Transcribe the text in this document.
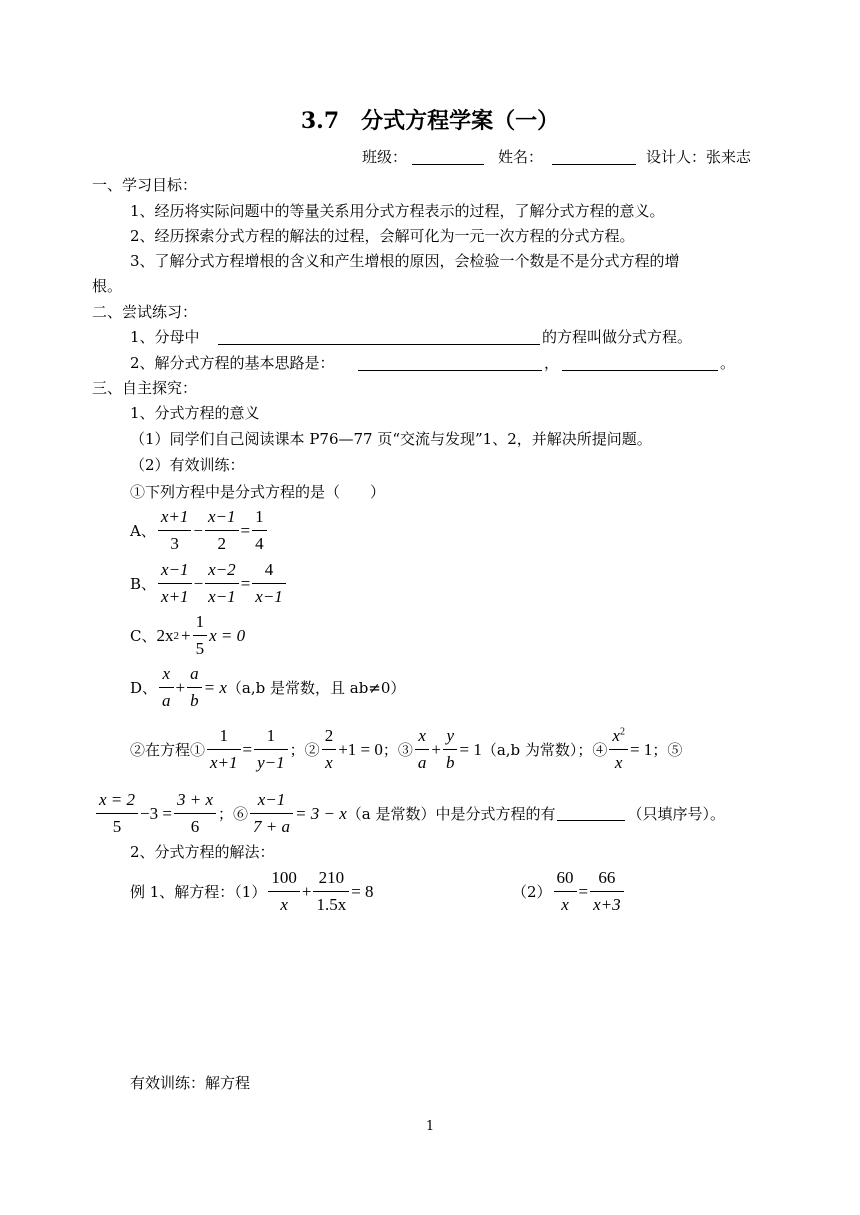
3.7　分式方程学案（一）
班级：	姓名：	设计人：张来志
一、学习目标：
1、经历将实际问题中的等量关系用分式方程表示的过程，了解分式方程的意义。
2、经历探索分式方程的解法的过程，会解可化为一元一次方程的分式方程。
3、了解分式方程增根的含义和产生增根的原因，会检验一个数是不是分式方程的增
根。
二、尝试练习：
1、分母中	的方程叫做分式方程。
2、解分式方程的基本思路是：	，	。
三、自主探究：
1、分式方程的意义
（1）同学们自己阅读课本 P76—77 页“交流与发现”1、2，并解决所提问题。
（2）有效训练：
①下列方程中是分式方程的是（　　）
A、 $\frac{x+1}{3} - \frac{x-1}{2} = \frac{1}{4}$
B、 $\frac{x-1}{x+1} - \frac{x-2}{x-1} = \frac{4}{x-1}$
C、 2x $2 + \frac{1}{5}$ x = 0
D、 $\frac{x}{a} + \frac{a}{b} = x$ （a,b 是常数，且 ab≠0）
②在方程① $\frac{1}{x+1} = \frac{1}{y-1}$ ；② $\frac{2}{x} +1 = 0$ ；③ $\frac{x}{a} + \frac{y}{b} = 1$ （a,b 为常数）；④ $\frac{x^2}{x} = 1$ ；⑤
$\frac{x = 2}{5} -3 = \frac{3 + x}{6}$ ；⑥ $\frac{x-1}{7 + a} = 3 - x$ （a 是常数）中是分式方程的有	（只填序号）。
2、分式方程的解法：
例 1、解方程：$(1) \frac{100}{x} + \frac{210}{1.5x} = 8$	$(2) \frac{60}{x} = \frac{66}{x+3}$
有效训练：解方程
1
